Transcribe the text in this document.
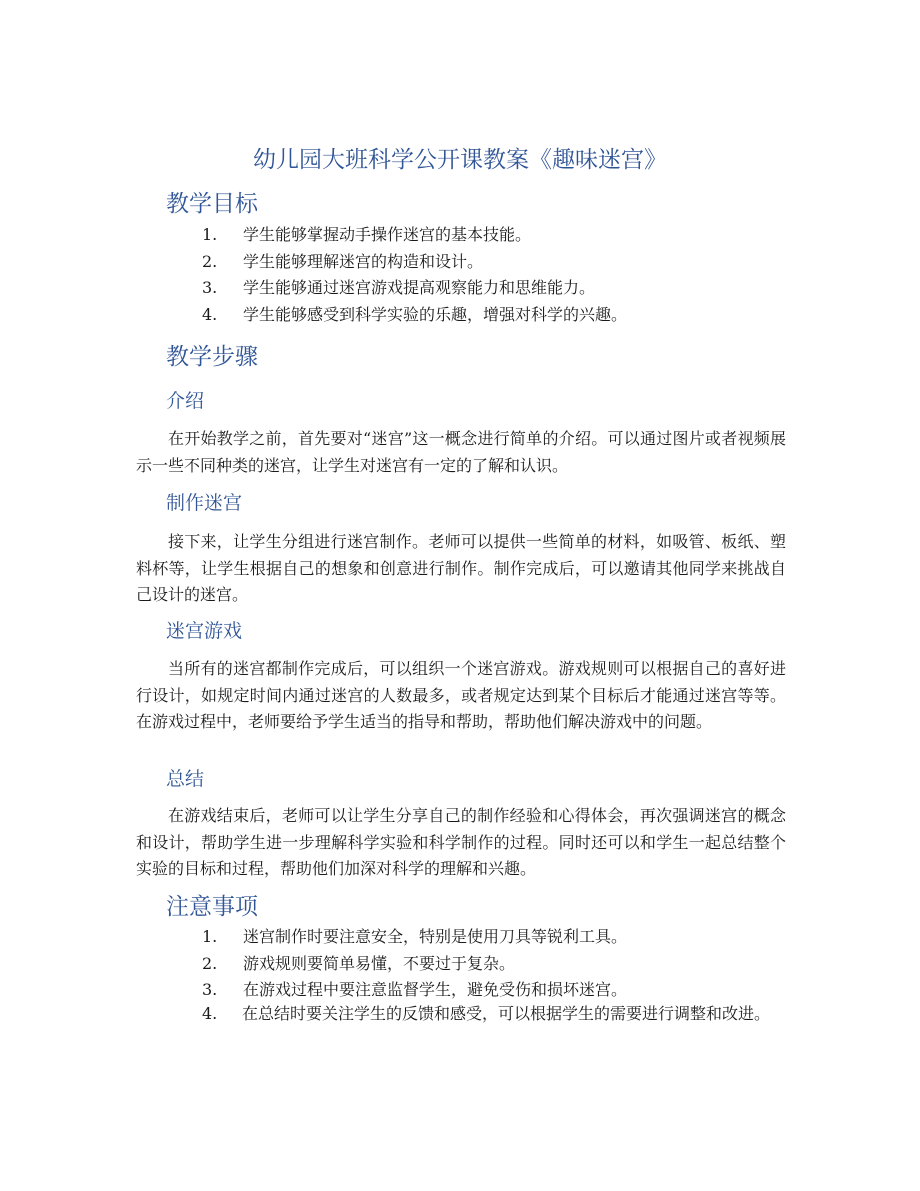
幼儿园大班科学公开课教案《趣味迷宫》
教学目标
1.	学生能够掌握动手操作迷宫的基本技能。
2.	学生能够理解迷宫的构造和设计。
3.	学生能够通过迷宫游戏提高观察能力和思维能力。
4.	学生能够感受到科学实验的乐趣，增强对科学的兴趣。
教学步骤
介绍

在开始教学之前，首先要对“迷宫”这一概念进行简单的介绍。可以通过图片或者视频展示一些不同种类的迷宫，让学生对迷宫有一定的了解和认识。

制作迷宫

接下来，让学生分组进行迷宫制作。老师可以提供一些简单的材料，如吸管、板纸、塑料杯等，让学生根据自己的想象和创意进行制作。制作完成后，可以邀请其他同学来挑战自己设计的迷宫。

迷宫游戏

当所有的迷宫都制作完成后，可以组织一个迷宫游戏。游戏规则可以根据自己的喜好进行设计，如规定时间内通过迷宫的人数最多，或者规定达到某个目标后才能通过迷宫等等。在游戏过程中，老师要给予学生适当的指导和帮助，帮助他们解决游戏中的问题。

总结

在游戏结束后，老师可以让学生分享自己的制作经验和心得体会，再次强调迷宫的概念和设计，帮助学生进一步理解科学实验和科学制作的过程。同时还可以和学生一起总结整个实验的目标和过程，帮助他们加深对科学的理解和兴趣。

注意事项
1.	迷宫制作时要注意安全，特别是使用刀具等锐利工具。
2.	游戏规则要简单易懂，不要过于复杂。
3.	在游戏过程中要注意监督学生，避免受伤和损坏迷宫。

4. 在总结时要关注学生的反馈和感受，可以根据学生的需要进行调整和改进。
